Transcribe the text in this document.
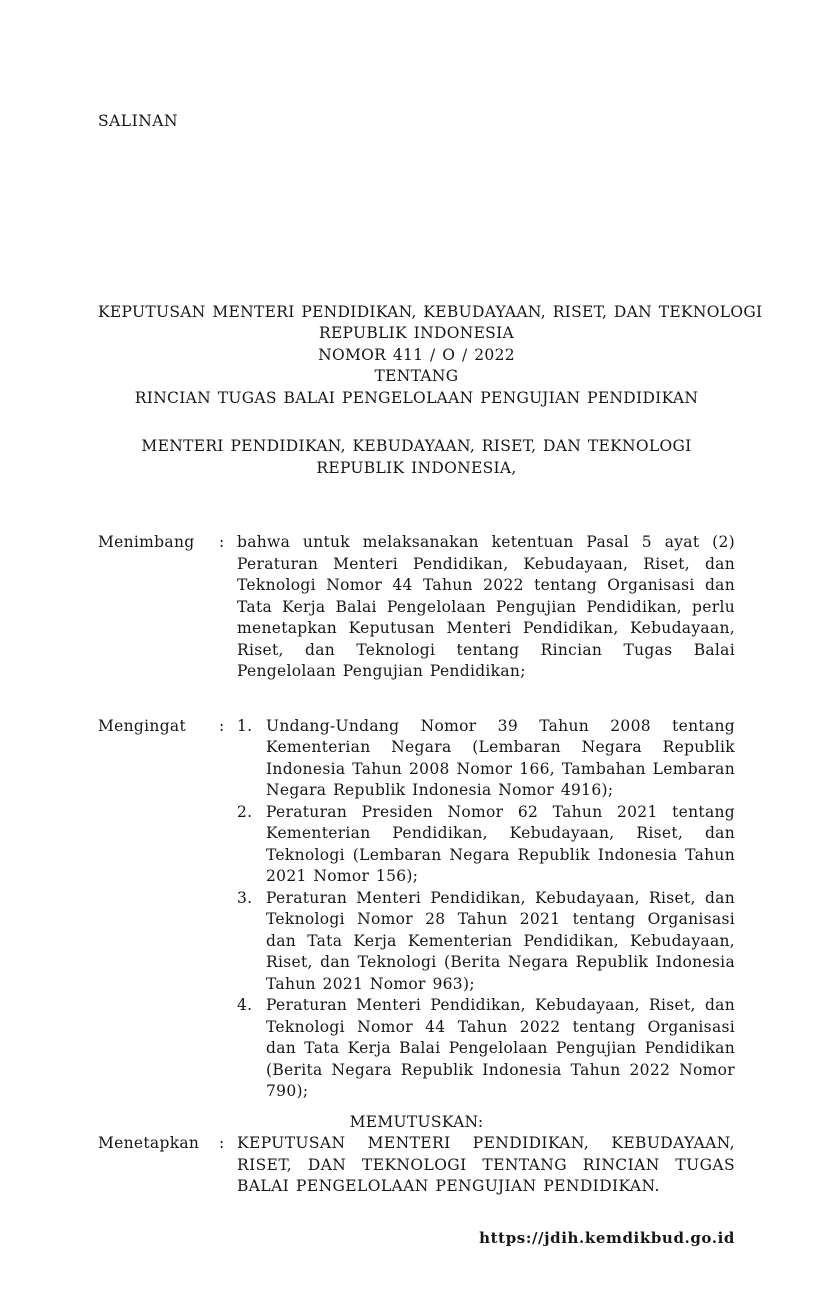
SALINAN
KEPUTUSAN MENTERI PENDIDIKAN, KEBUDAYAAN, RISET, DAN TEKNOLOGI
REPUBLIK INDONESIA
NOMOR 411 / O / 2022
TENTANG
RINCIAN TUGAS BALAI PENGELOLAAN PENGUJIAN PENDIDIKAN
MENTERI PENDIDIKAN, KEBUDAYAAN, RISET, DAN TEKNOLOGI
REPUBLIK INDONESIA,
Menimbang	: bahwa untuk melaksanakan ketentuan Pasal 5 ayat (2) Peraturan Menteri Pendidikan, Kebudayaan, Riset, dan Teknologi Nomor 44 Tahun 2022 tentang Organisasi dan Tata Kerja Balai Pengelolaan Pengujian Pendidikan, perlu menetapkan Keputusan Menteri Pendidikan, Kebudayaan, Riset, dan Teknologi tentang Rincian Tugas Balai Pengelolaan Pengujian Pendidikan;
Mengingat	: 1. Undang-Undang Nomor 39 Tahun 2008 tentang Kementerian Negara (Lembaran Negara Republik Indonesia Tahun 2008 Nomor 166, Tambahan Lembaran Negara Republik Indonesia Nomor 4916);
2. Peraturan Presiden Nomor 62 Tahun 2021 tentang Kementerian Pendidikan, Kebudayaan, Riset, dan Teknologi (Lembaran Negara Republik Indonesia Tahun 2021 Nomor 156);
3. Peraturan Menteri Pendidikan, Kebudayaan, Riset, dan Teknologi Nomor 28 Tahun 2021 tentang Organisasi dan Tata Kerja Kementerian Pendidikan, Kebudayaan, Riset, dan Teknologi (Berita Negara Republik Indonesia Tahun 2021 Nomor 963);
4. Peraturan Menteri Pendidikan, Kebudayaan, Riset, dan Teknologi Nomor 44 Tahun 2022 tentang Organisasi dan Tata Kerja Balai Pengelolaan Pengujian Pendidikan (Berita Negara Republik Indonesia Tahun 2022 Nomor 790);
MEMUTUSKAN:
Menetapkan	: KEPUTUSAN MENTERI PENDIDIKAN, KEBUDAYAAN, RISET, DAN TEKNOLOGI TENTANG RINCIAN TUGAS BALAI PENGELOLAAN PENGUJIAN PENDIDIKAN.
https://jdih.kemdikbud.go.id
